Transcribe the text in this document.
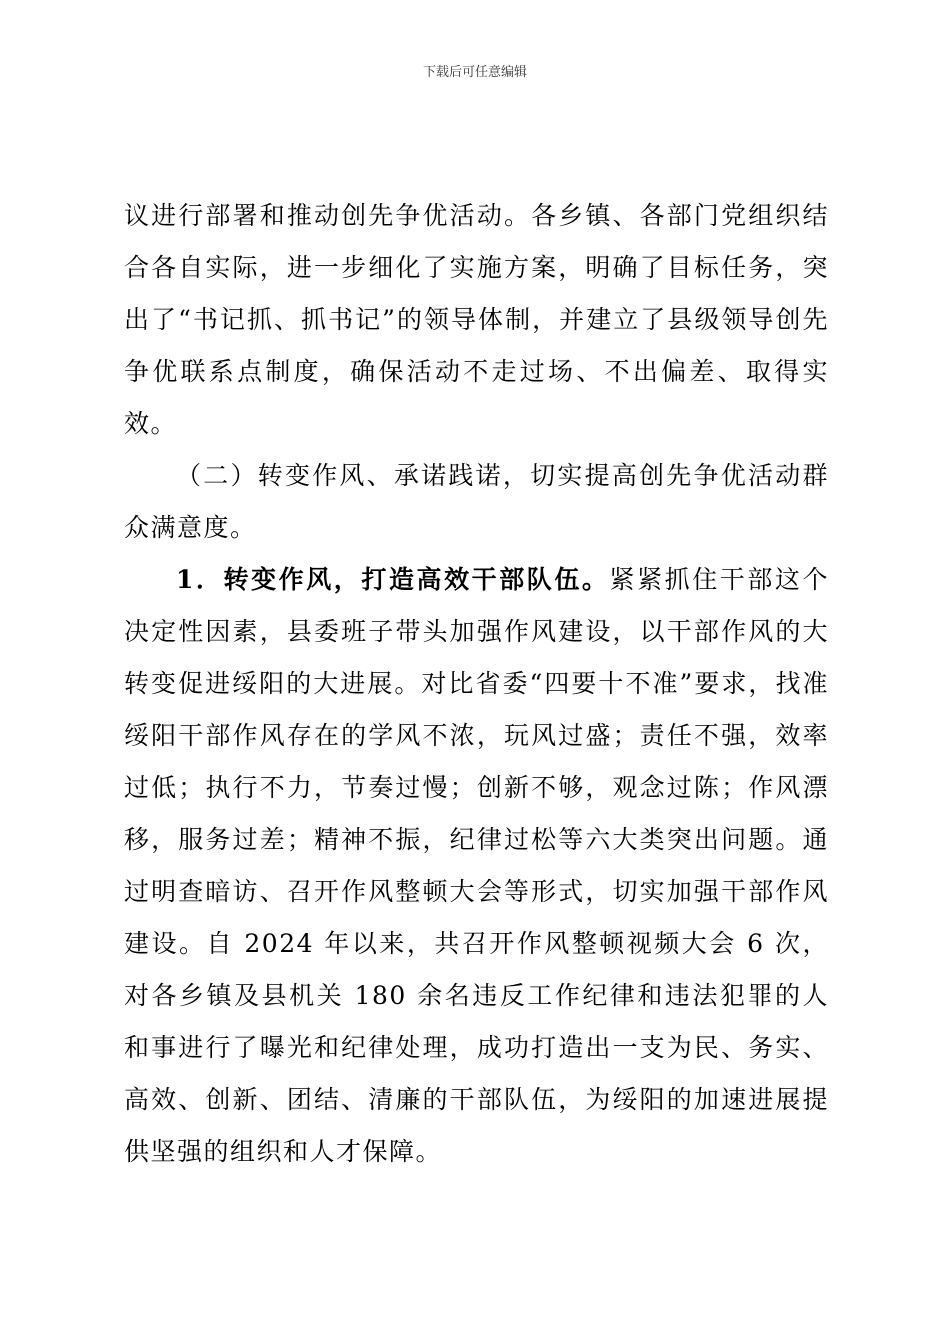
下载后可任意编辑

议进行部署和推动创先争优活动。各乡镇、各部门党组织结合各自实际，进一步细化了实施方案，明确了目标任务，突出了“书记抓、抓书记”的领导体制，并建立了县级领导创先争优联系点制度，确保活动不走过场、不出偏差、取得实效。

（二）转变作风、承诺践诺，切实提高创先争优活动群众满意度。

1．转变作风，打造高效干部队伍。紧紧抓住干部这个决定性因素，县委班子带头加强作风建设，以干部作风的大转变促进绥阳的大进展。对比省委“四要十不准”要求，找准绥阳干部作风存在的学风不浓，玩风过盛；责任不强，效率过低；执行不力，节奏过慢；创新不够，观念过陈；作风漂移，服务过差；精神不振，纪律过松等六大类突出问题。通过明查暗访、召开作风整顿大会等形式，切实加强干部作风建设。自 2024 年以来，共召开作风整顿视频大会 6 次，对各乡镇及县机关 180 余名违反工作纪律和违法犯罪的人和事进行了曝光和纪律处理，成功打造出一支为民、务实、高效、创新、团结、清廉的干部队伍，为绥阳的加速进展提供坚强的组织和人才保障。
